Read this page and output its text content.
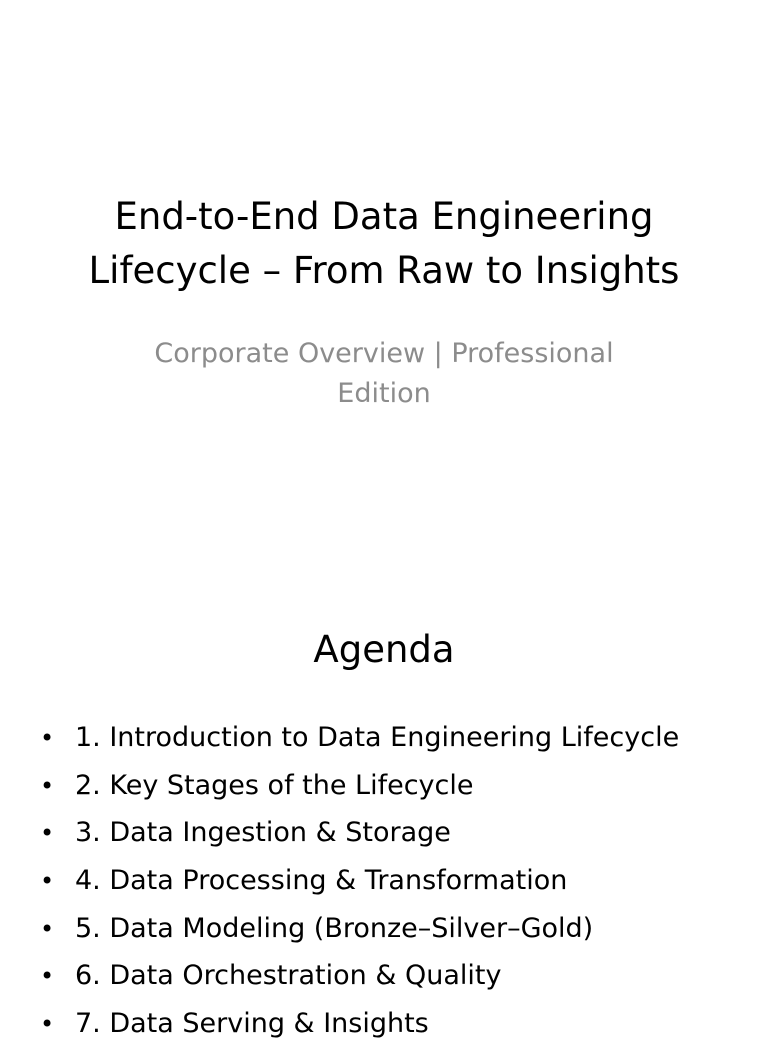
End-to-End Data Engineering
Lifecycle – From Raw to Insights
Corporate Overview | Professional
Edition
Agenda
• 1. Introduction to Data Engineering Lifecycle
• 2. Key Stages of the Lifecycle
• 3. Data Ingestion & Storage
• 4. Data Processing & Transformation
• 5. Data Modeling (Bronze–Silver–Gold)
• 6. Data Orchestration & Quality
• 7. Data Serving & Insights
